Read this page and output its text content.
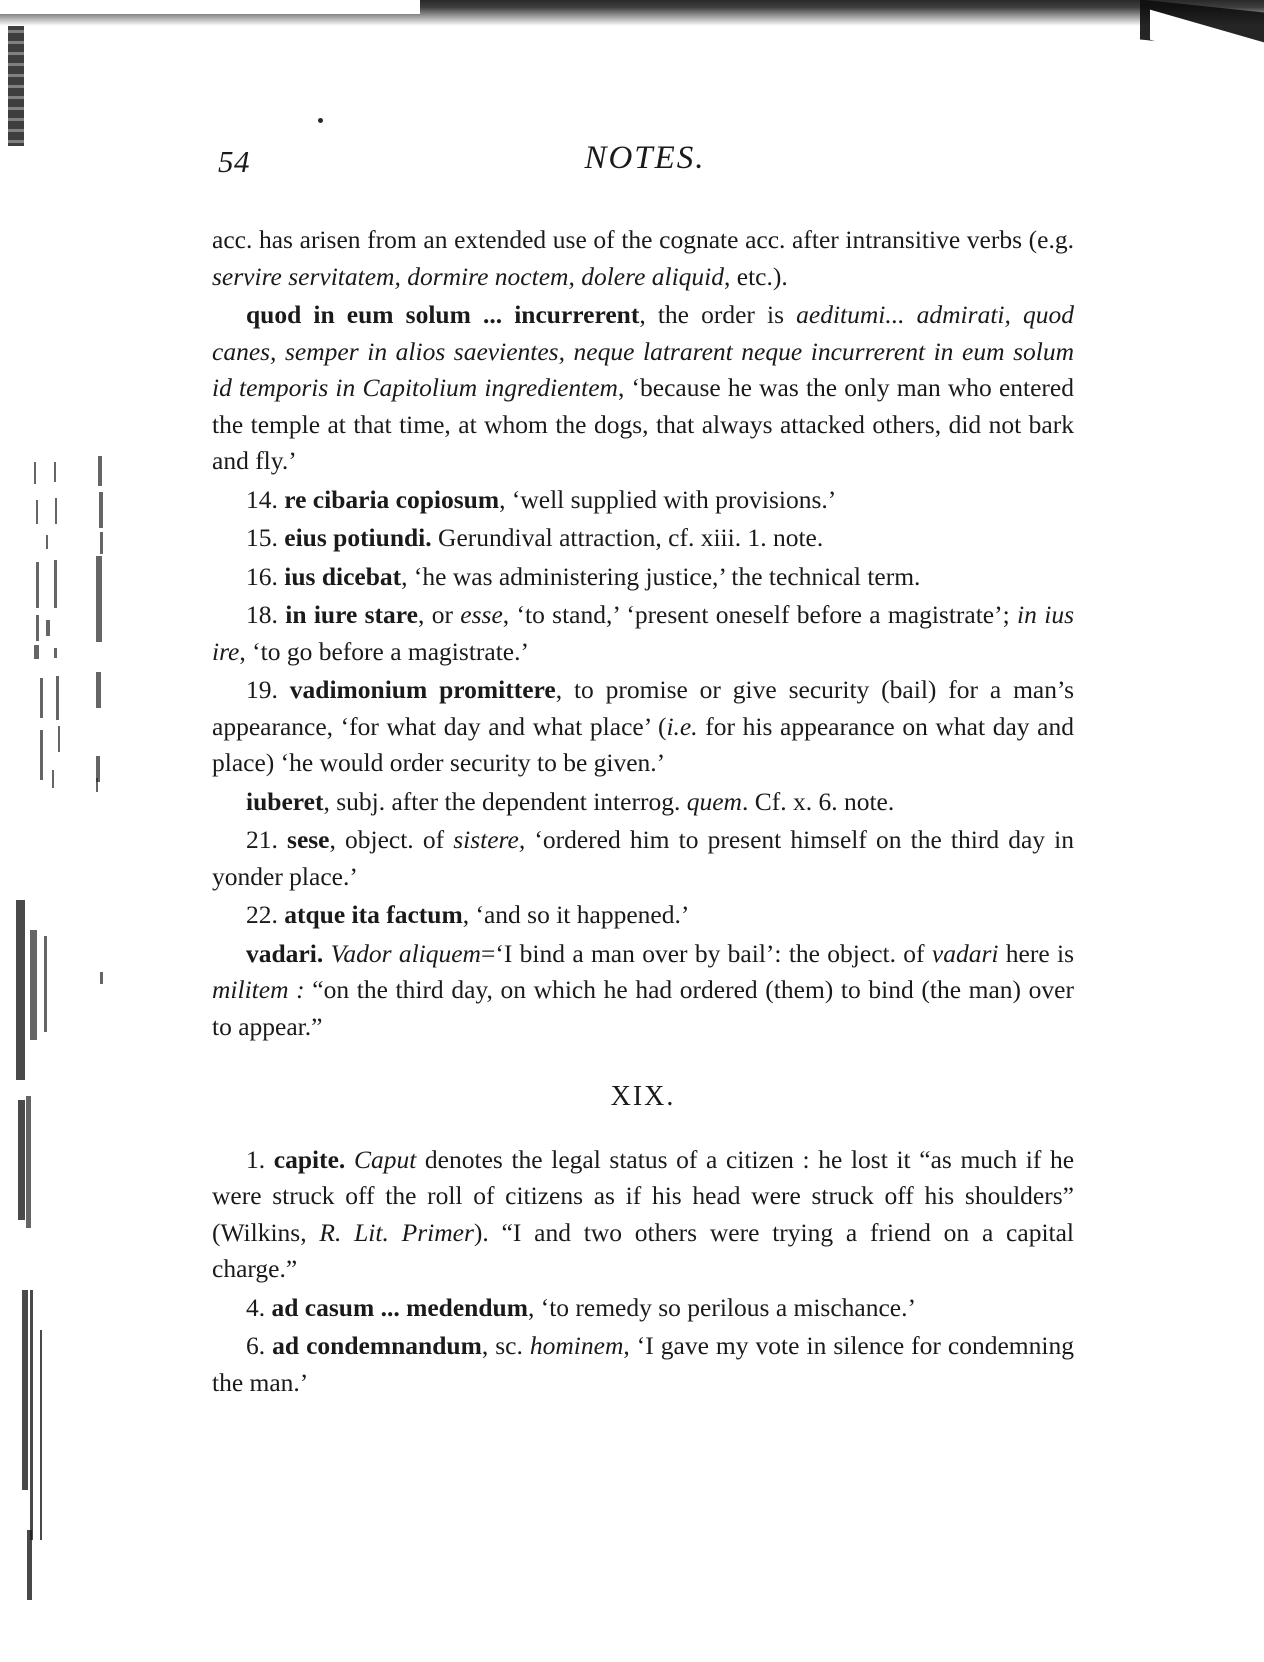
54	NOTES.

acc. has arisen from an extended use of the cognate acc. after intransitive verbs (e.g. servire servitatem, dormire noctem, dolere aliquid, etc.).

quod in eum solum ... incurrerent, the order is aeditumi... admirati, quod canes, semper in alios saevientes, neque latrarent neque incurrerent in eum solum id temporis in Capitolium ingredientem, ‘because he was the only man who entered the temple at that time, at whom the dogs, that always attacked others, did not bark and fly.’

14. re cibaria copiosum, ‘well supplied with provisions.’

15. eius potiundi. Gerundival attraction, cf. xiii. 1. note.

16. ius dicebat, ‘he was administering justice,’ the technical term.

18. in iure stare, or esse, ‘to stand,’ ‘present oneself before a magistrate’; in ius ire, ‘to go before a magistrate.’

19. vadimonium promittere, to promise or give security (bail) for a man’s appearance, ‘for what day and what place’ (i.e. for his appearance on what day and place) ‘he would order security to be given.’

iuberet, subj. after the dependent interrog. quem. Cf. x. 6. note.

21. sese, object. of sistere, ‘ordered him to present himself on the third day in yonder place.’

22. atque ita factum, ‘and so it happened.’

vadari. Vador aliquem=‘I bind a man over by bail’: the object. of vadari here is militem : “on the third day, on which he had ordered (them) to bind (the man) over to appear.”

XIX.

1. capite. Caput denotes the legal status of a citizen : he lost it “as much if he were struck off the roll of citizens as if his head were struck off his shoulders” (Wilkins, R. Lit. Primer). “I and two others were trying a friend on a capital charge.”

4. ad casum ... medendum, ‘to remedy so perilous a mischance.’

6. ad condemnandum, sc. hominem, ‘I gave my vote in silence for condemning the man.’
